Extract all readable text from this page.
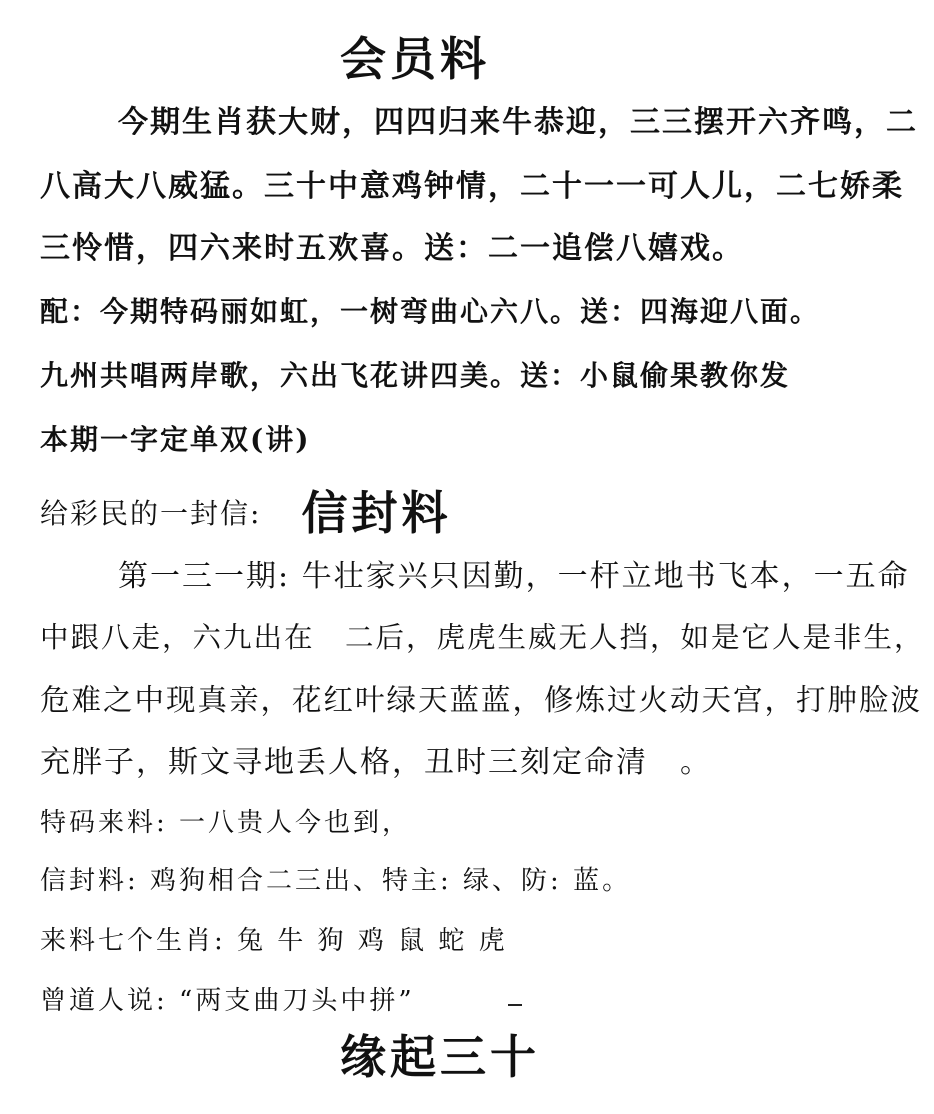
会员料
今期生肖获大财，四四归来牛恭迎，三三摆开六齐鸣，二
八高大八威猛。三十中意鸡钟情，二十一一可人儿，二七娇柔
三怜惜，四六来时五欢喜。送：二一追偿八嬉戏。
配：今期特码丽如虹，一树弯曲心六八。送：四海迎八面。
九州共唱两岸歌，六出飞花讲四美。送：小鼠偷果教你发
本期一字定单双(讲)
给彩民的一封信: 信封料
第一三一期: 牛壮家兴只因勤，一杆立地书飞本，一五命
中跟八走，六九出在　二后，虎虎生威无人挡，如是它人是非生，
危难之中现真亲，花红叶绿天蓝蓝，修炼过火动天宫，打肿脸波
充胖子，斯文寻地丢人格，丑时三刻定命清　。
特码来料: 一八贵人今也到，
信封料: 鸡狗相合二三出、特主: 绿、防: 蓝。
来料七个生肖: 兔 牛 狗 鸡 鼠 蛇 虎
曾道人说: “两支曲刀头中拼”
缘起三十
